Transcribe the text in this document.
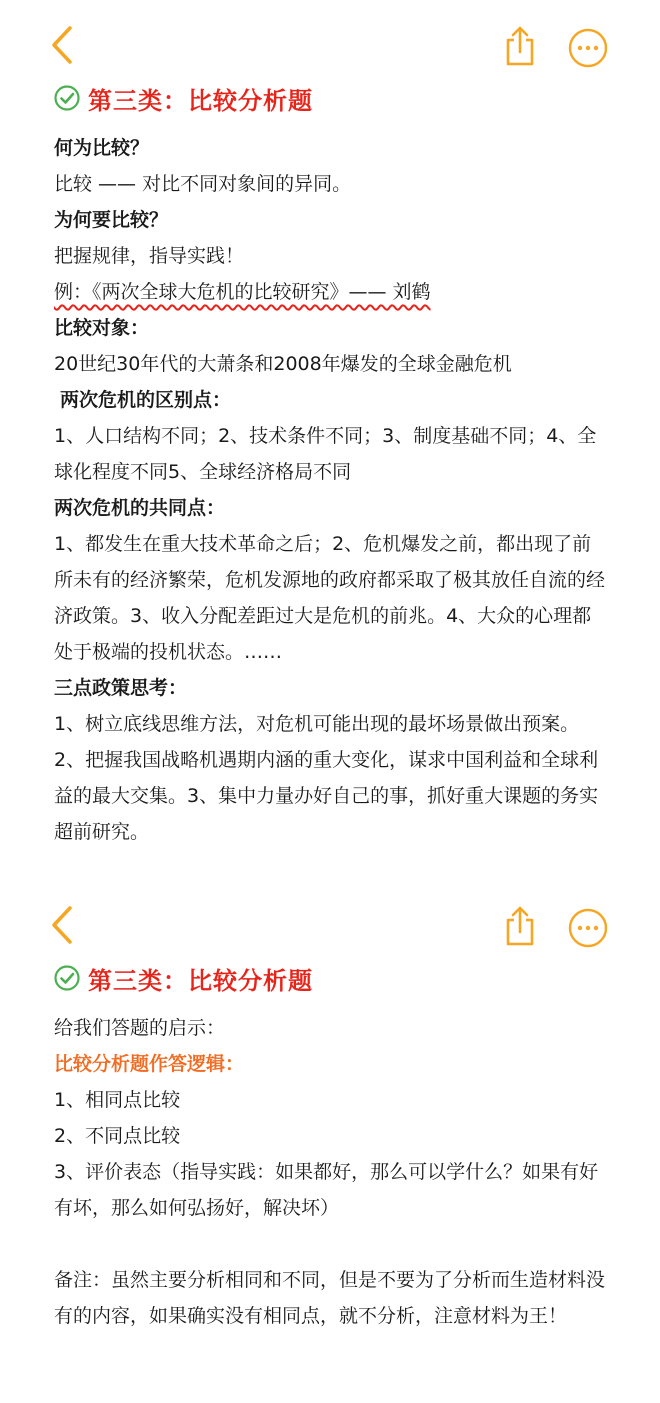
第三类：比较分析题
何为比较？
比较 —— 对比不同对象间的异同。
为何要比较？
把握规律，指导实践！
例：《两次全球大危机的比较研究》—— 刘鹤
比较对象：
20世纪30年代的大萧条和2008年爆发的全球金融危机
两次危机的区别点：
1、人口结构不同；2、技术条件不同；3、制度基础不同；4、全球化程度不同5、全球经济格局不同
两次危机的共同点：
1、都发生在重大技术革命之后；2、危机爆发之前，都出现了前所未有的经济繁荣，危机发源地的政府都采取了极其放任自流的经济政策。3、收入分配差距过大是危机的前兆。4、大众的心理都处于极端的投机状态。……
三点政策思考：
1、树立底线思维方法，对危机可能出现的最坏场景做出预案。2、把握我国战略机遇期内涵的重大变化，谋求中国利益和全球利益的最大交集。3、集中力量办好自己的事，抓好重大课题的务实超前研究。
第三类：比较分析题
给我们答题的启示：
比较分析题作答逻辑：
1、相同点比较
2、不同点比较
3、评价表态（指导实践：如果都好，那么可以学什么？如果有好有坏，那么如何弘扬好，解决坏）
备注：虽然主要分析相同和不同，但是不要为了分析而生造材料没有的内容，如果确实没有相同点，就不分析，注意材料为王！
